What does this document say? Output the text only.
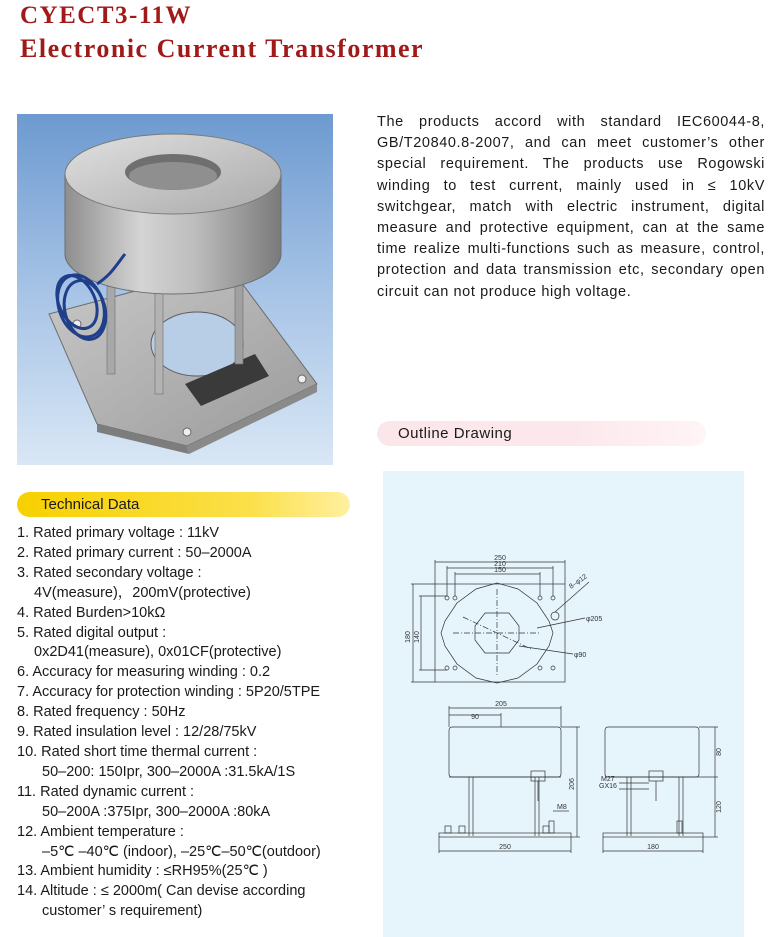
CYECT3-11W
Electronic Current Transformer

The products accord with standard IEC60044-8, GB/T20840.8-2007, and can meet customer’s other special requirement. The products use Rogowski winding to test current, mainly used in ≤ 10kV switchgear, match with electric instrument, digital measure and protective equipment, can at the same time realize multi-functions such as measure, control, protection and data transmission etc, secondary open circuit can not produce high voltage.

Outline Drawing
Technical Data
1. Rated primary voltage : 11kV
2. Rated primary current : 50–2000A
3. Rated secondary voltage :
4V(measure)，200mV(protective)
4. Rated Burden>10kΩ
5. Rated digital output :
0x2D41(measure), 0x01CF(protective)
6. Accuracy for measuring winding : 0.2
7. Accuracy for protection winding : 5P20/5TPE
8. Rated frequency : 50Hz
9. Rated insulation level : 12/28/75kV
10. Rated short time thermal current :
50–200: 150Ipr, 300–2000A :31.5kA/1S
11. Rated dynamic current :
50–200A :375Ipr, 300–2000A :80kA
12. Ambient temperature :
–5℃ –40℃ (indoor), –25℃–50℃(outdoor)
13. Ambient humidity : ≤RH95%(25℃ )
14. Altitude : ≤ 2000m( Can devise according
customer’ s requirement)
250
210
150
8–φ12
φ205
φ90
180 140
205
90
206
250
M8
M27
GX16
180
80
120
